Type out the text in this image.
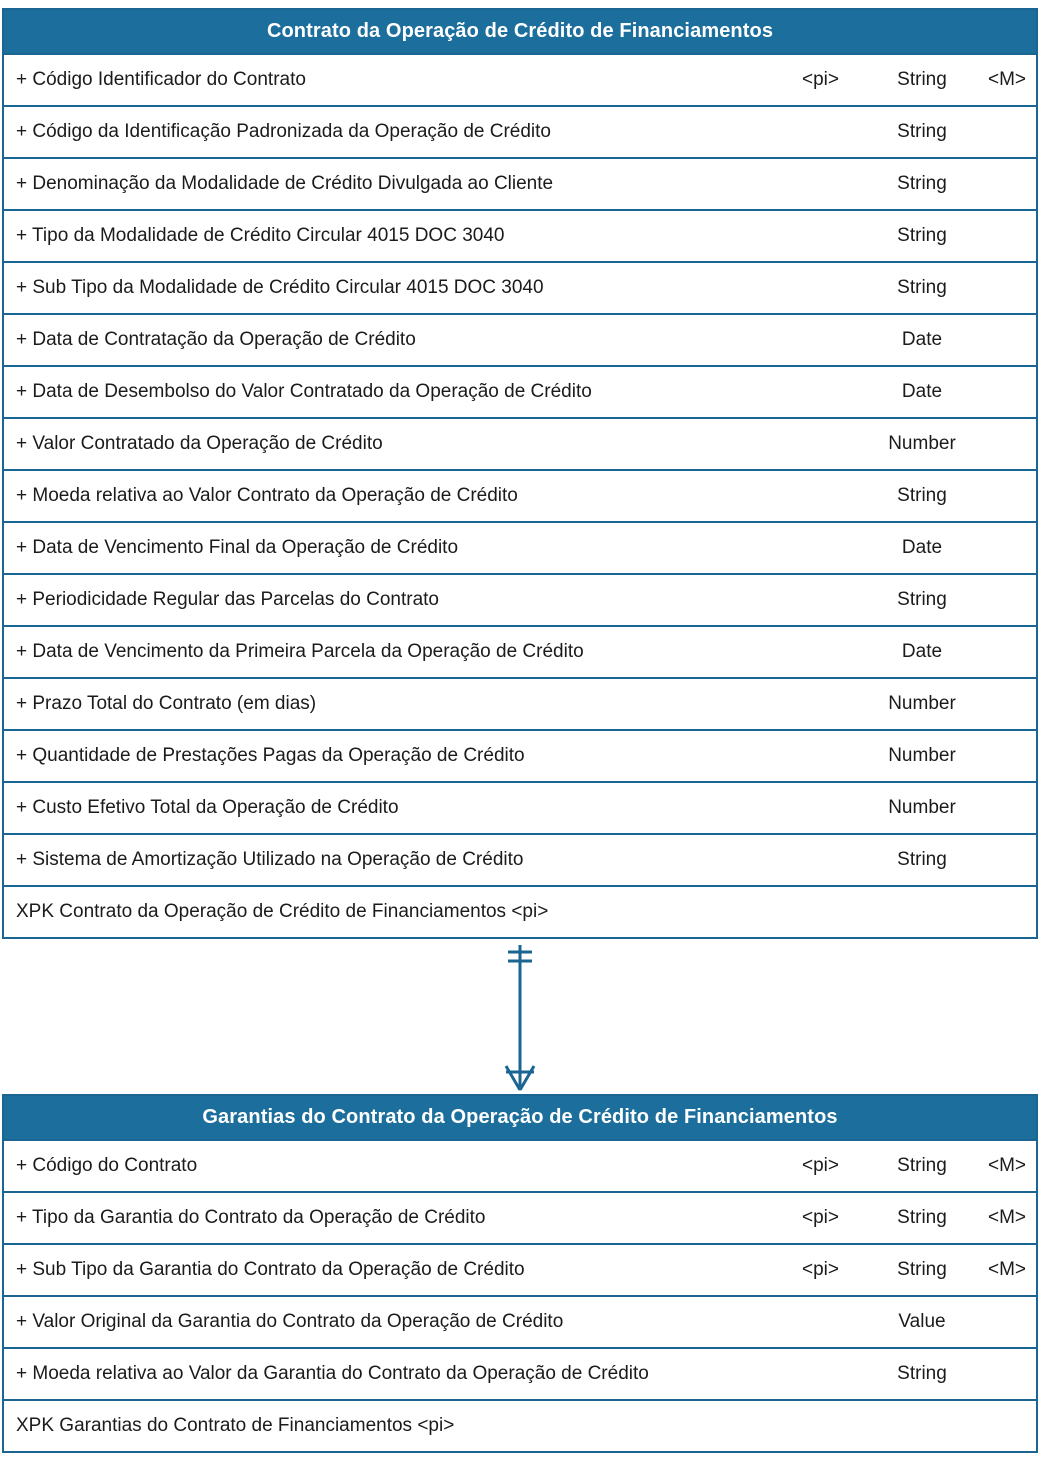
Contrato da Operação de Crédito de Financiamentos
+ Código Identificador do Contrato	<pi>	String	<M>
+ Código da Identificação Padronizada da Operação de Crédito	String
+ Denominação da Modalidade de Crédito Divulgada ao Cliente	String
+ Tipo da Modalidade de Crédito Circular 4015 DOC 3040	String
+ Sub Tipo da Modalidade de Crédito Circular 4015 DOC 3040	String
+ Data de Contratação da Operação de Crédito	Date
+ Data de Desembolso do Valor Contratado da Operação de Crédito	Date
+ Valor Contratado da Operação de Crédito	Number
+ Moeda relativa ao Valor Contrato da Operação de Crédito	String
+ Data de Vencimento Final da Operação de Crédito	Date
+ Periodicidade Regular das Parcelas do Contrato	String
+ Data de Vencimento da Primeira Parcela da Operação de Crédito	Date
+ Prazo Total do Contrato (em dias)	Number
+ Quantidade de Prestações Pagas da Operação de Crédito	Number
+ Custo Efetivo Total da Operação de Crédito	Number
+ Sistema de Amortização Utilizado na Operação de Crédito	String
XPK Contrato da Operação de Crédito de Financiamentos <pi>
Garantias do Contrato da Operação de Crédito de Financiamentos
+ Código do Contrato	<pi>	String	<M>
+ Tipo da Garantia do Contrato da Operação de Crédito	<pi>	String	<M>
+ Sub Tipo da Garantia do Contrato da Operação de Crédito	<pi>	String	<M>
+ Valor Original da Garantia do Contrato da Operação de Crédito	Value
+ Moeda relativa ao Valor da Garantia do Contrato da Operação de Crédito	String
XPK Garantias do Contrato de Financiamentos <pi>
